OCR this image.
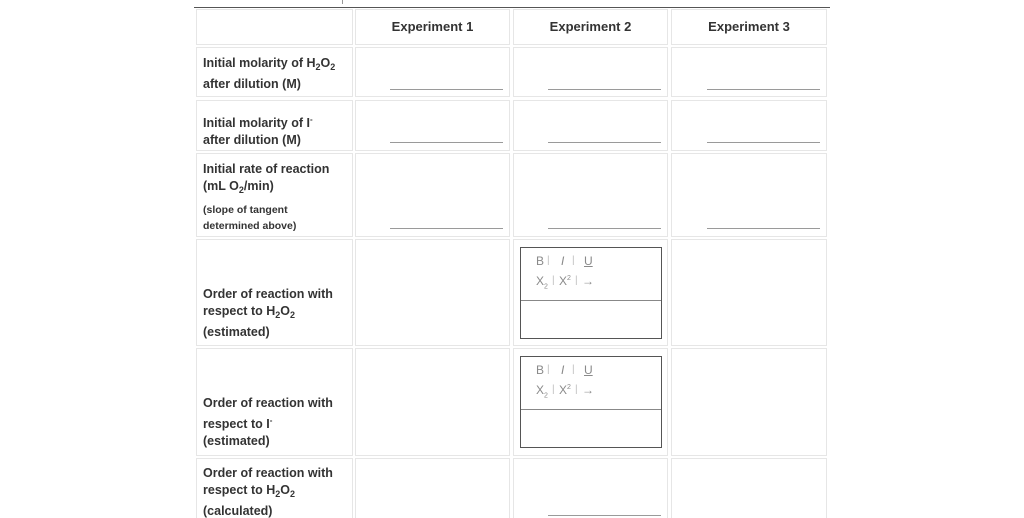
Experiment 1	Experiment 2	Experiment 3
Initial molarity of $H_2O_2$
after dilution (M)
Initial molarity of I-
after dilution (M)
Initial rate of reaction
(mL $O_2/\min$)
(slope of tangent
determined above)
Order of reaction with
respect to $H_2O_2$
(estimated)
B | I | U
$X_2$
| $X^2$ | →
Order of reaction with
respect to I-
(estimated)
B | I | U
$X_2$
| $X^2$ | →
Order of reaction with
respect to $H_2O_2$
(calculated)
